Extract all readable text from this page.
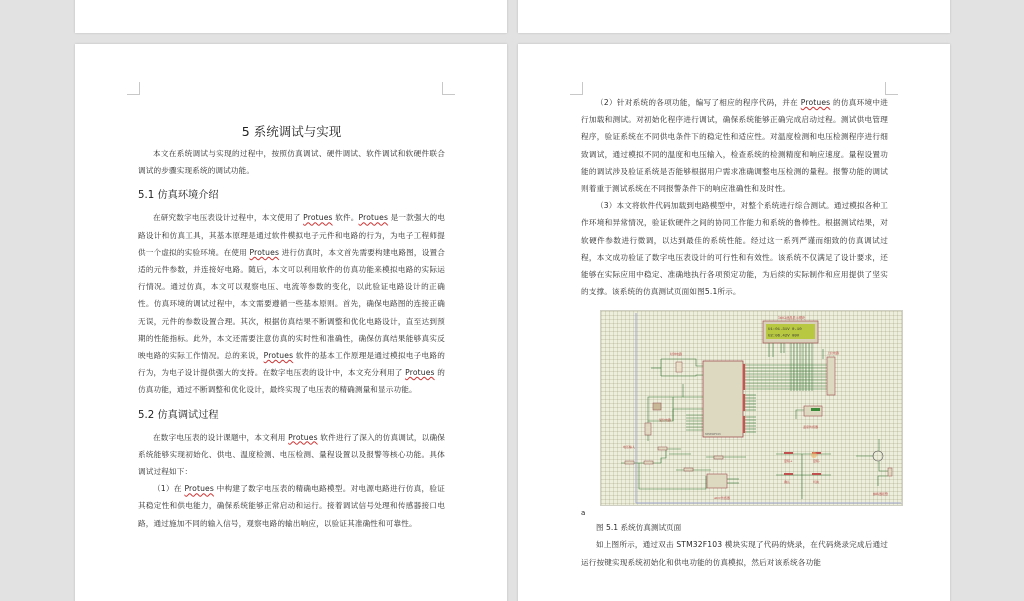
5 系统调试与实现

本文在系统调试与实现的过程中，按照仿真调试、硬件调试、软件调试和软硬件联合调试的步骤实现系统的调试功能。

5.1 仿真环境介绍

在研究数字电压表设计过程中，本文使用了 Protues 软件。Protues 是一款强大的电路设计和仿真工具，其基本原理是通过软件模拟电子元件和电路的行为，为电子工程师提供一个虚拟的实验环境。在使用 Protues 进行仿真时，本文首先需要构建电路图，设置合适的元件参数，并连接好电路。随后，本文可以利用软件的仿真功能来模拟电路的实际运行情况。通过仿真，本文可以观察电压、电流等参数的变化，以此验证电路设计的正确性。仿真环境的调试过程中，本文需要遵循一些基本原则。首先，确保电路图的连接正确无误，元件的参数设置合理。其次，根据仿真结果不断调整和优化电路设计，直至达到预期的性能指标。此外，本文还需要注意仿真的实时性和准确性，确保仿真结果能够真实反映电路的实际工作情况。总的来说，Protues 软件的基本工作原理是通过模拟电子电路的行为，为电子设计提供强大的支持。在数字电压表的设计中，本文充分利用了 Protues 的仿真功能，通过不断调整和优化设计，最终实现了电压表的精确测量和显示功能。

5.2 仿真调试过程

在数字电压表的设计课题中，本文利用 Protues 软件进行了深入的仿真调试，以确保系统能够实现初始化、供电、温度检测、电压检测、量程设置以及报警等核心功能。具体调试过程如下：

（1）在 Protues 中构建了数字电压表的精确电路模型。对电源电路进行仿真，验证其稳定性和供电能力，确保系统能够正常启动和运行。接着调试信号处理和传感器接口电路，通过施加不同的输入信号，观察电路的输出响应，以验证其准确性和可靠性。

（2）针对系统的各项功能，编写了相应的程序代码，并在 Protues 的仿真环境中进行加载和测试。对初始化程序进行调试，确保系统能够正确完成启动过程。测试供电管理程序，验证系统在不同供电条件下的稳定性和适应性。对温度检测和电压检测程序进行细致调试，通过模拟不同的温度和电压输入，检查系统的检测精度和响应速度。量程设置功能的调试涉及验证系统是否能够根据用户需求准确调整电压检测的量程。报警功能的调试则着重于测试系统在不同报警条件下的响应准确性和及时性。

（3）本文将软件代码加载到电路模型中，对整个系统进行综合测试。通过模拟各种工作环境和异常情况，验证软硬件之间的协同工作能力和系统的鲁棒性。根据测试结果，对软硬件参数进行微调，以达到最佳的系统性能。经过这一系列严谨而细致的仿真调试过程，本文成功验证了数字电压表设计的可行性和有效性。该系统不仅满足了设计要求，还能够在实际应用中稳定、准确地执行各项预定功能，为后续的实际制作和应用提供了坚实的支撑。该系统的仿真测试页面如图5.1所示。

1602液晶显示模块
U1:01.31V 0-10
U2:06.42V 09V
STM32F103
上拉电路
时钟电路
复位电路
温度传感器
电压输入
ADC传感器
量程+	量程-
确认	切换
蜂鸣器报警
a
图 5.1 系统仿真测试页面

如上图所示，通过双击 STM32F103 模块实现了代码的烧录，在代码烧录完成后通过运行按键实现系统初始化和供电功能的仿真模拟，然后对该系统各功能
